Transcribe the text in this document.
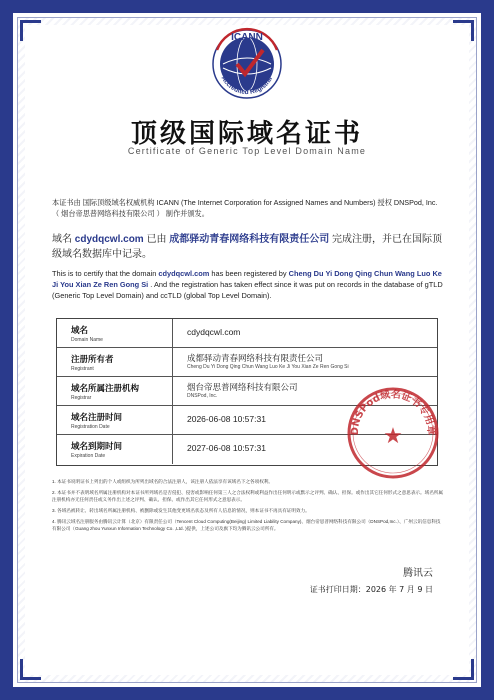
ICANN
Accredited Registrar
顶级国际域名证书
Certificate of Generic Top Level Domain Name
本证书由 国际顶级域名权威机构 ICANN (The Internet Corporation for Assigned Names and Numbers) 授权 DNSPod, Inc. （ 烟台帝思普网络科技有限公司 ） 制作并颁发。
域名 cdydqcwl.com 已由 成都驿动青春网络科技有限责任公司 完成注册，并已在国际顶级域名数据库中记录。
This is to certify that the domain cdydqcwl.com has been registered by Cheng Du Yi Dong Qing Chun Wang Luo Ke Ji You Xian Ze Ren Gong Si . And the registration has taken effect since it was put on records in the database of gTLD (Generic Top Level Domain) and ccTLD (global Top Level Domain).
域名
Domain Name
cdydqcwl.com
注册所有者
Registrant
成都驿动青春网络科技有限责任公司
Cheng Du Yi Dong Qing Chun Wang Luo Ke Ji You Xian Ze Ren Gong Si
域名所属注册机构
Registrar
烟台帝思普网络科技有限公司
DNSPod, Inc.
域名注册时间
Registration Date
2026-06-08 10:57:31
域名到期时间
Expiration Date
2027-06-08 10:57:31
DNSPod域名证书专用章
★
1. 本证书说明证书上列出的个人或组织为所列出域名的合法注册人，该注册人依法享有该域名下之各项权利。
2. 本证书并不表明域名所属注册机构对本证书所列域名是否侵犯、侵害或影响任何第三人之合法权利或利益作出任何明示或默示之评判、确认、担保。或作出其它任何形式之意思表示。域名所属注册机构亦无任何责任或义务作出上述之评判、确认、担保、或作出其它任何形式之意思表示。
3. 各域名被转让、转出域名所属注册机构、被删除或发生其他变更域名状态及所有人信息的情况，则本证书不再具有证明效力。
4. 腾讯云域名注册服务由腾讯云计算（北京）有限责任公司（Tencent Cloud Computing(Beijing) Limited Liability Company)、烟台帝思普网络科技有限公司（DNSPod,Inc.）、广州云讯信息科技有限公司（Guang zhou Yunxun Information Technology Co. ,Ltd. )提供，上述公司及旗下均为腾讯云公司所有。
腾讯云
证书打印日期：2026 年 7 月 9 日
